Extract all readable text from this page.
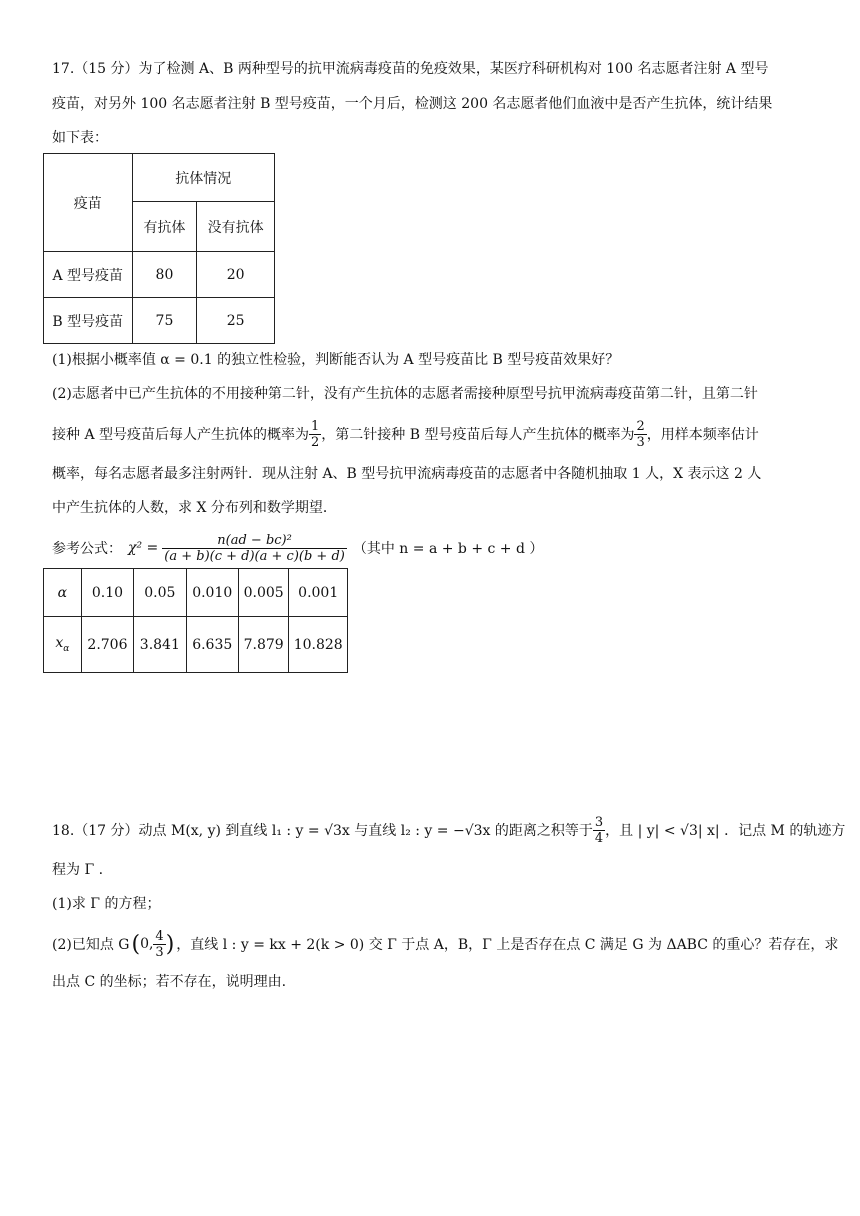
17.（15 分）为了检测 A、B 两种型号的抗甲流病毒疫苗的免疫效果，某医疗科研机构对 100 名志愿者注射 A 型号
疫苗，对另外 100 名志愿者注射 B 型号疫苗，一个月后，检测这 200 名志愿者他们血液中是否产生抗体，统计结果
如下表：
疫苗	抗体情况	
	有抗体	没有抗体
A 型号疫苗	80	20
B 型号疫苗	75	25
(1)根据小概率值 α = 0.1 的独立性检验，判断能否认为 A 型号疫苗比 B 型号疫苗效果好？
(2)志愿者中已产生抗体的不用接种第二针，没有产生抗体的志愿者需接种原型号抗甲流病毒疫苗第二针，且第二针
接种 A 型号疫苗后每人产生抗体的概率为 $\frac{1}{2}$ ，第二针接种 B 型号疫苗后每人产生抗体的概率为 $\frac{2}{3}$ ，用样本频率估计
概率，每名志愿者最多注射两针．现从注射 A、B 型号抗甲流病毒疫苗的志愿者中各随机抽取 1 人，X 表示这 2 人
中产生抗体的人数，求 X 分布列和数学期望．
参考公式： $\chi^2 = \frac{\text{n(ad − bc)²}}{(a + b)(c + d)(a + c)(b + d)}$ （其中 n = a + b + c + d ）
α	0.10	0.05	0.010	0.005	0.001
$x_\alpha$	2.706	3.841	6.635	7.879	10.828
18.（17 分）动点 M(x, y) 到直线 l₁ : y = √3x 与直线 l₂ : y = −√3x 的距离之积等于 $\frac{3}{4}$ ，且 | y| < √3| x| ．记点 M 的轨迹方
程为 Γ .
(1)求 Γ 的方程；
(2)已知点 G ( 0, $\frac{4}{3}$ ) ，直线 l : y = kx + 2(k > 0) 交 Γ 于点 A，B，Γ 上是否存在点 C 满足 G 为 ΔABC 的重心？若存在，求
出点 C 的坐标；若不存在，说明理由.
